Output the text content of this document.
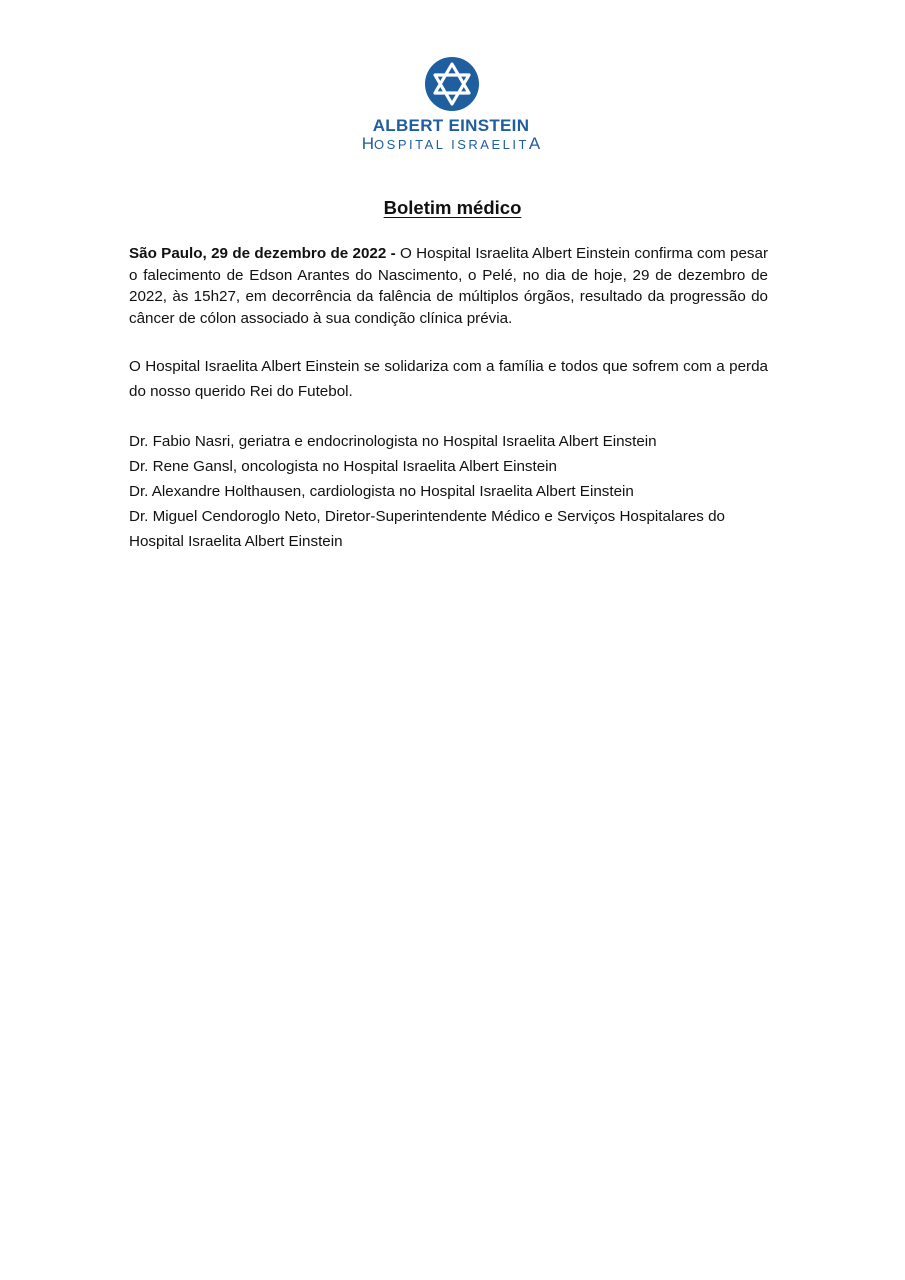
ALBERT EINSTEIN
HOSPITAL ISRAELITA
Boletim médico

São Paulo, 29 de dezembro de 2022 - O Hospital Israelita Albert Einstein confirma com pesar o falecimento de Edson Arantes do Nascimento, o Pelé, no dia de hoje, 29 de dezembro de 2022, às 15h27, em decorrência da falência de múltiplos órgãos, resultado da progressão do câncer de cólon associado à sua condição clínica prévia.

O Hospital Israelita Albert Einstein se solidariza com a família e todos que sofrem com a perda do nosso querido Rei do Futebol.

Dr. Fabio Nasri, geriatra e endocrinologista no Hospital Israelita Albert Einstein
Dr. Rene Gansl, oncologista no Hospital Israelita Albert Einstein
Dr. Alexandre Holthausen, cardiologista no Hospital Israelita Albert Einstein
Dr. Miguel Cendoroglo Neto, Diretor-Superintendente Médico e Serviços Hospitalares do Hospital Israelita Albert Einstein
